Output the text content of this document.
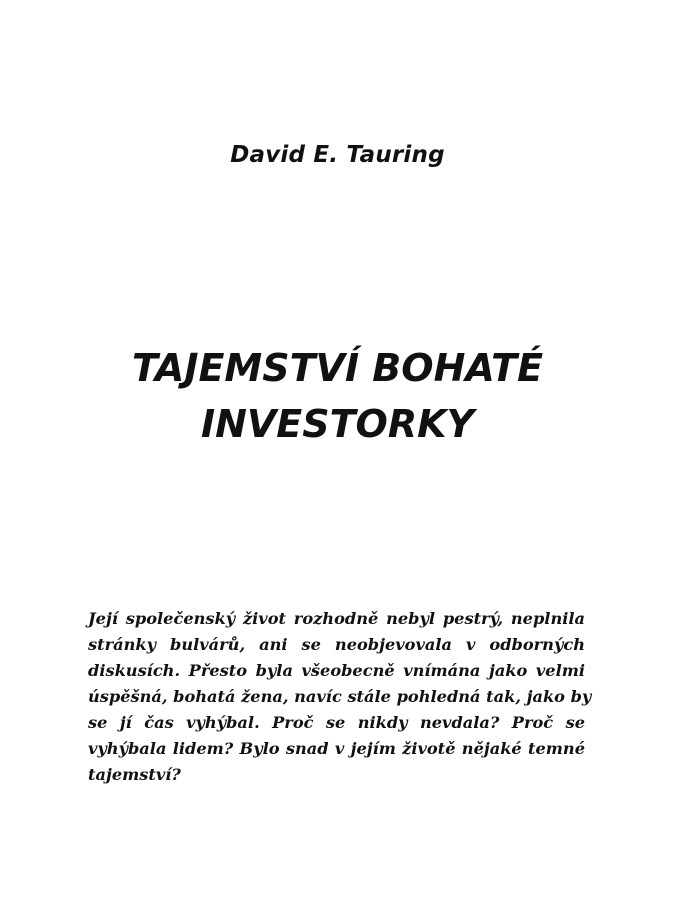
David E. Tauring
TAJEMSTVÍ BOHATÉ
INVESTORKY
Její společenský život rozhodně nebyl pestrý, neplnila
stránky bulvárů, ani se neobjevovala v odborných
diskusích. Přesto byla všeobecně vnímána jako velmi
úspěšná, bohatá žena, navíc stále pohledná tak, jako by
se jí čas vyhýbal. Proč se nikdy nevdala? Proč se
vyhýbala lidem? Bylo snad v jejím životě nějaké temné
tajemství?
